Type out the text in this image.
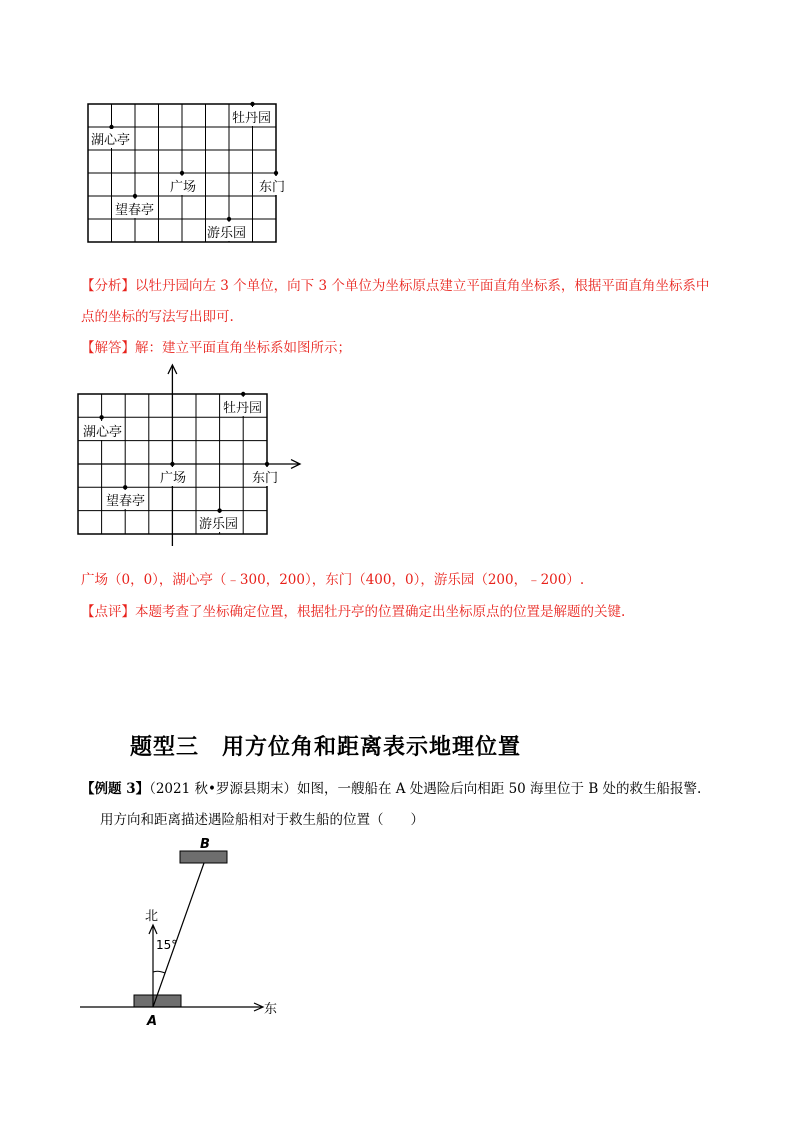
牡丹园
湖心亭
广场	东门
望春亭
游乐园
【分析】以牡丹园向左 3 个单位，向下 3 个单位为坐标原点建立平面直角坐标系，根据平面直角坐标系中
点的坐标的写法写出即可.
【解答】解：建立平面直角坐标系如图所示；
牡丹园
湖心亭
广场	东门
望春亭
游乐园
广场（0，0），湖心亭（﹣300，200），东门（400，0），游乐园（200，﹣200）.
【点评】本题考查了坐标确定位置，根据牡丹亭的位置确定出坐标原点的位置是解题的关键.
题型三　用方位角和距离表示地理位置
【例题 3】（2021 秋•罗源县期末）如图，一艘船在 A 处遇险后向相距 50 海里位于 B 处的救生船报警.
用方向和距离描述遇险船相对于救生船的位置（　　）
B
A
北
东
15°
